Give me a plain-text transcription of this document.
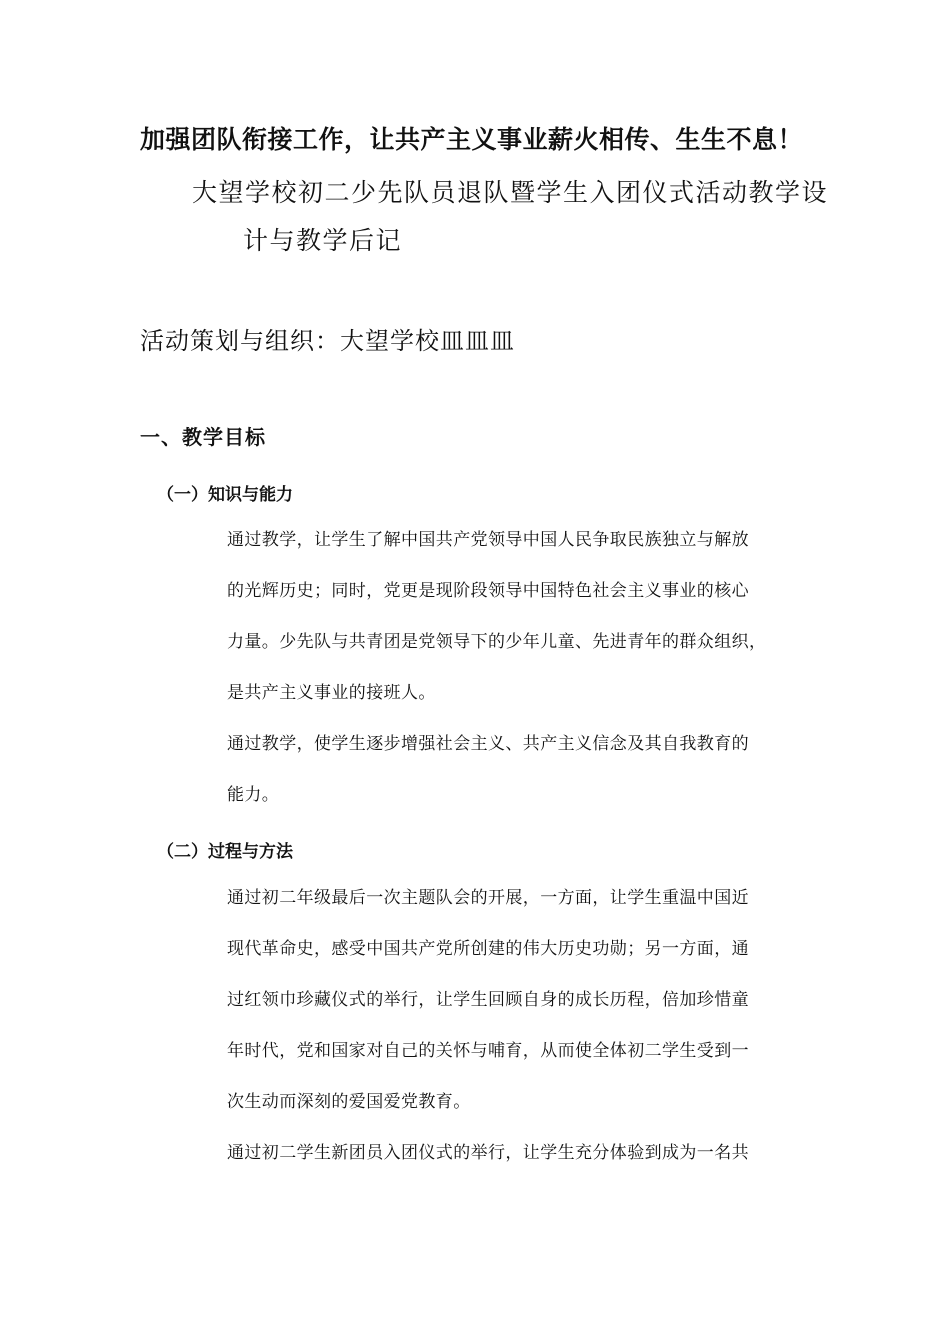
加强团队衔接工作，让共产主义事业薪火相传、生生不息！
大望学校初二少先队员退队暨学生入团仪式活动教学设
计与教学后记
活动策划与组织：大望学校皿皿皿
一、教学目标
（一）知识与能力

通过教学，让学生了解中国共产党领导中国人民争取民族独立与解放
的光辉历史；同时，党更是现阶段领导中国特色社会主义事业的核心
力量。少先队与共青团是党领导下的少年儿童、先进青年的群众组织，
是共产主义事业的接班人。

通过教学，使学生逐步增强社会主义、共产主义信念及其自我教育的
能力。

（二）过程与方法

通过初二年级最后一次主题队会的开展，一方面，让学生重温中国近
现代革命史，感受中国共产党所创建的伟大历史功勋；另一方面，通
过红领巾珍藏仪式的举行，让学生回顾自身的成长历程，倍加珍惜童
年时代，党和国家对自己的关怀与哺育，从而使全体初二学生受到一
次生动而深刻的爱国爱党教育。

通过初二学生新团员入团仪式的举行，让学生充分体验到成为一名共
